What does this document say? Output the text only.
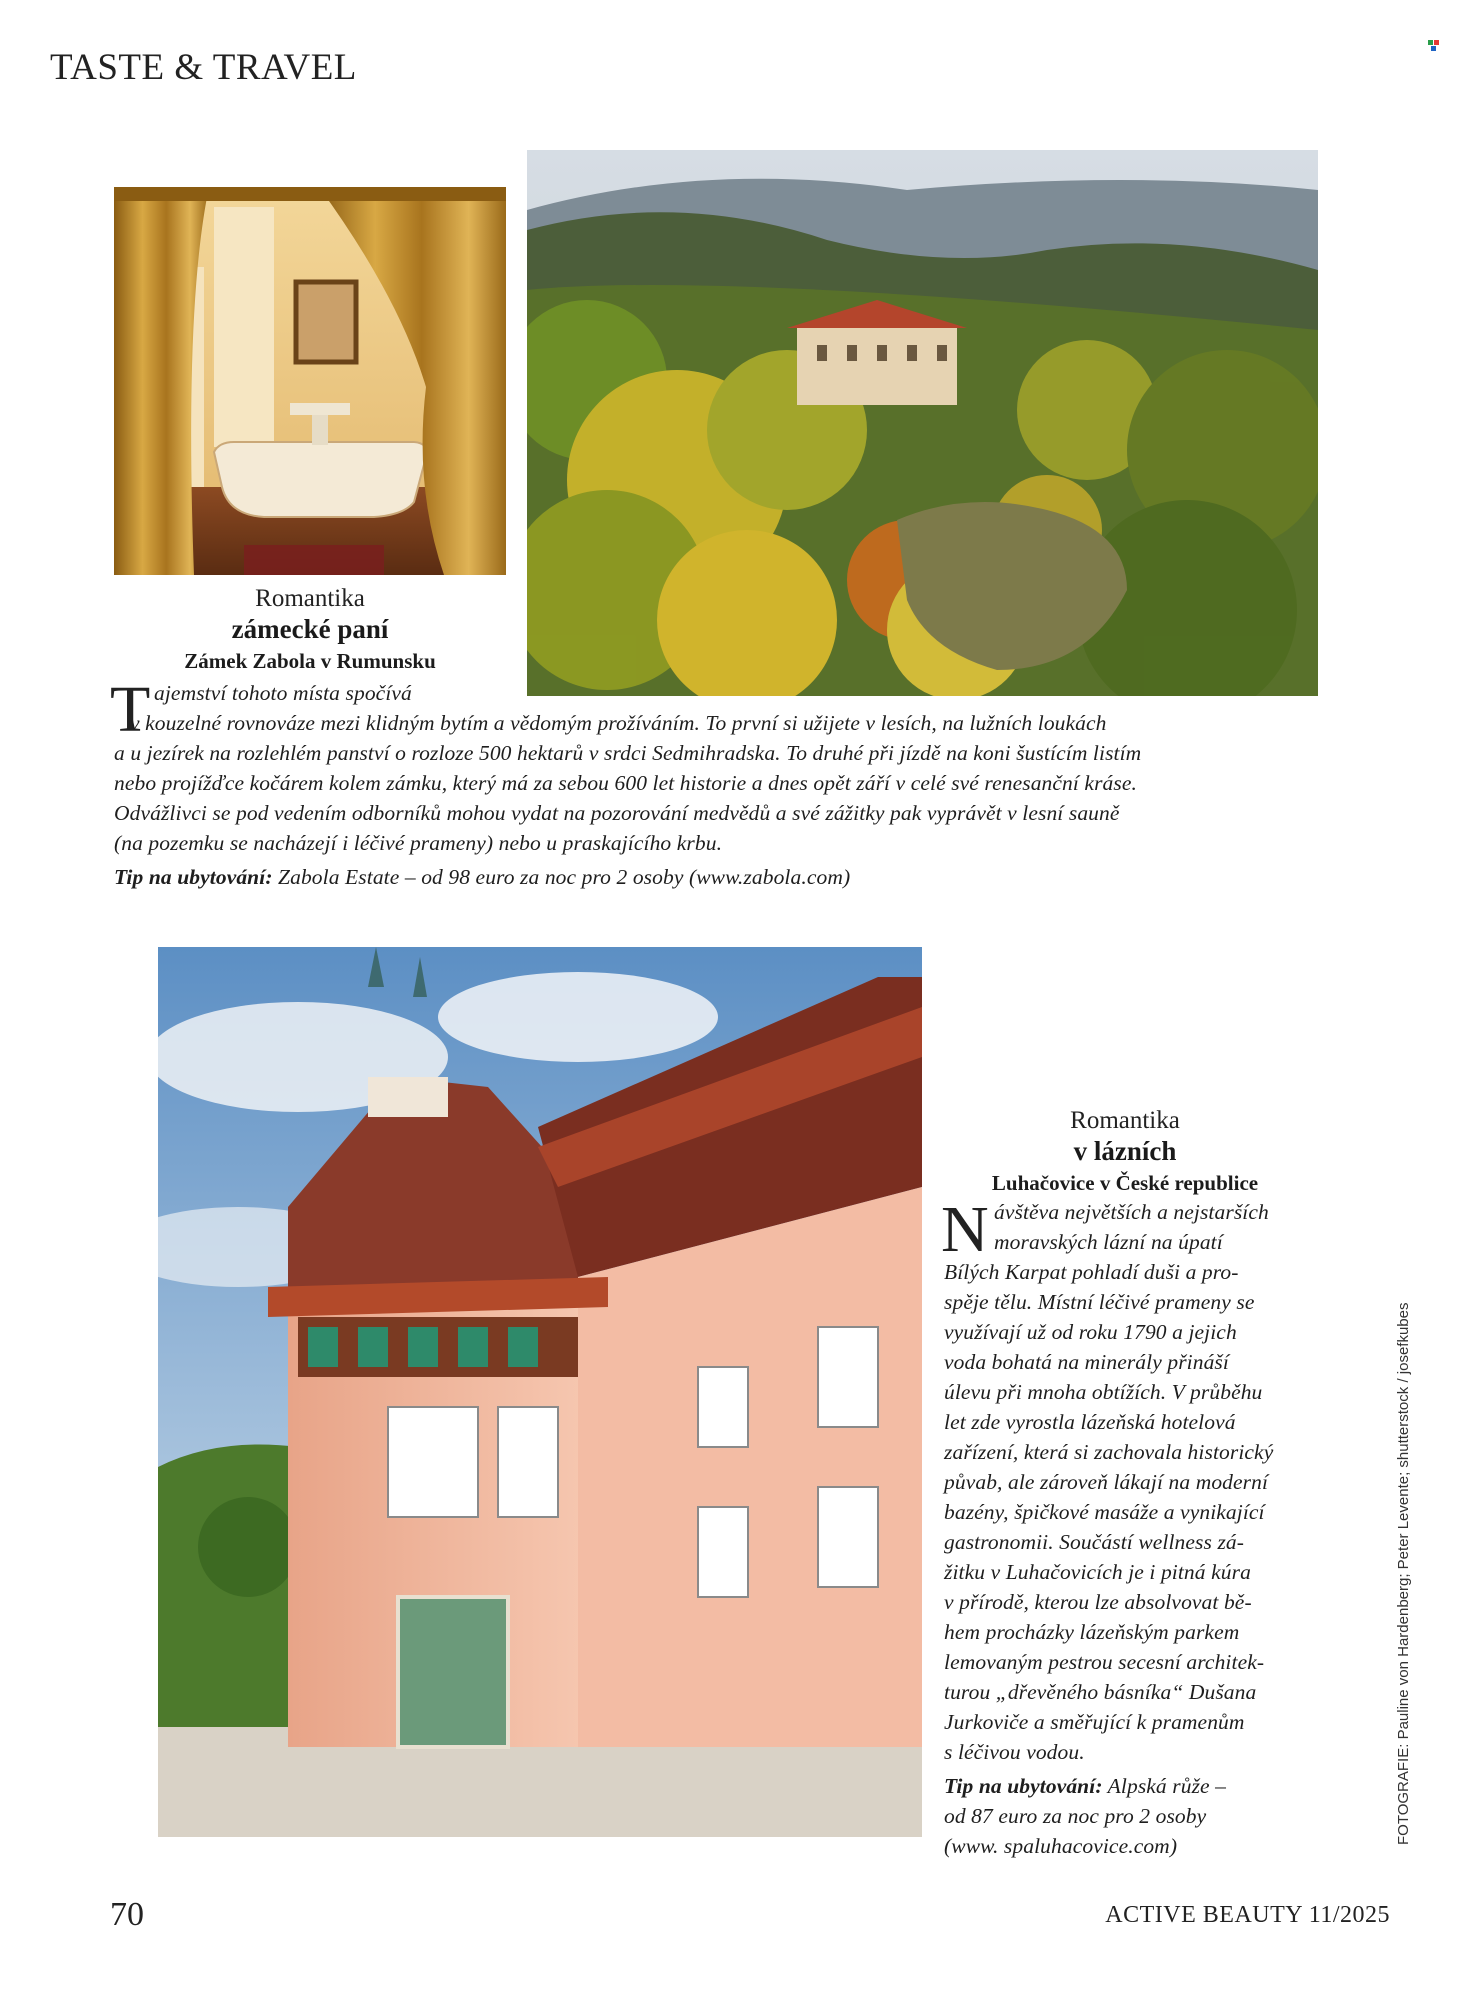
TASTE & TRAVEL
Romantika
zámecké paní
Zámek Zabola v Rumunsku
T ajemství tohoto místa spočívá
v kouzelné rovnováze mezi klidným bytím a vědomým prožíváním. To první si užijete v lesích, na lužních loukách
a u jezírek na rozlehlém panství o rozloze 500 hektarů v srdci Sedmihradska. To druhé při jízdě na koni šustícím listím
nebo projížďce kočárem kolem zámku, který má za sebou 600 let historie a dnes opět září v celé své renesanční kráse.
Odvážlivci se pod vedením odborníků mohou vydat na pozorování medvědů a své zážitky pak vyprávět v lesní sauně
(na pozemku se nacházejí i léčivé prameny) nebo u praskajícího krbu.
Tip na ubytování: Zabola Estate – od 98 euro za noc pro 2 osoby (www.zabola.com)
Romantika
v lázních
Luhačovice v České republice
N ávštěva největších a nejstarších
moravských lázní na úpatí
Bílých Karpat pohladí duši a pro-
spěje tělu. Místní léčivé prameny se
využívají už od roku 1790 a jejich
voda bohatá na minerály přináší
úlevu při mnoha obtížích. V průběhu
let zde vyrostla lázeňská hotelová
zařízení, která si zachovala historický
půvab, ale zároveň lákají na moderní
bazény, špičkové masáže a vynikající
gastronomii. Součástí wellness zá-
žitku v Luhačovicích je i pitná kúra
v přírodě, kterou lze absolvovat bě-
hem procházky lázeňským parkem
lemovaným pestrou secesní architek-
turou „dřevěného básníka“ Dušana
Jurkoviče a směřující k pramenům
s léčivou vodou.
Tip na ubytování: Alpská růže –
od 87 euro za noc pro 2 osoby
(www. spaluhacovice.com)
FOTOGRAFIE: Pauline von Hardenberg; Peter Levente; shutterstock / josefkubes
70	ACTIVE BEAUTY 11/2025
